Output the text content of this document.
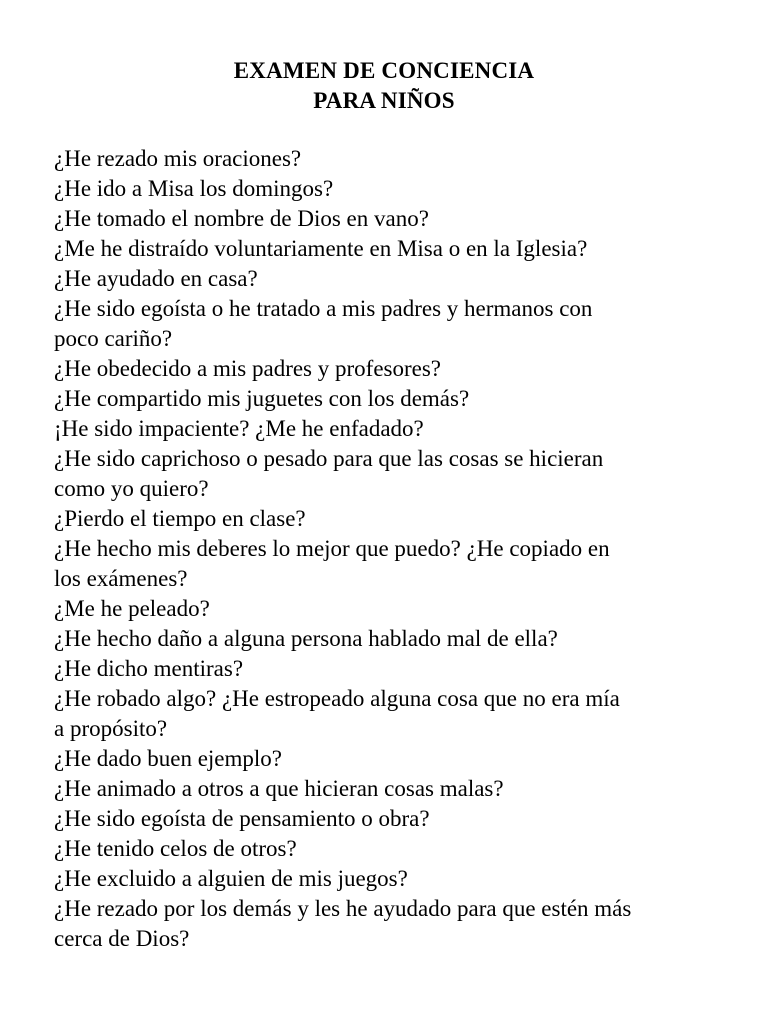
EXAMEN DE CONCIENCIA
PARA NIÑOS
¿He rezado mis oraciones?
¿He ido a Misa los domingos?
¿He tomado el nombre de Dios en vano?
¿Me he distraído voluntariamente en Misa o en la Iglesia?
¿He ayudado en casa?
¿He sido egoísta o he tratado a mis padres y hermanos con
poco cariño?
¿He obedecido a mis padres y profesores?
¿He compartido mis juguetes con los demás?
¡He sido impaciente? ¿Me he enfadado?
¿He sido caprichoso o pesado para que las cosas se hicieran
como yo quiero?
¿Pierdo el tiempo en clase?
¿He hecho mis deberes lo mejor que puedo? ¿He copiado en
los exámenes?
¿Me he peleado?
¿He hecho daño a alguna persona hablado mal de ella?
¿He dicho mentiras?
¿He robado algo? ¿He estropeado alguna cosa que no era mía
a propósito?
¿He dado buen ejemplo?
¿He animado a otros a que hicieran cosas malas?
¿He sido egoísta de pensamiento o obra?
¿He tenido celos de otros?
¿He excluido a alguien de mis juegos?
¿He rezado por los demás y les he ayudado para que estén más
cerca de Dios?
